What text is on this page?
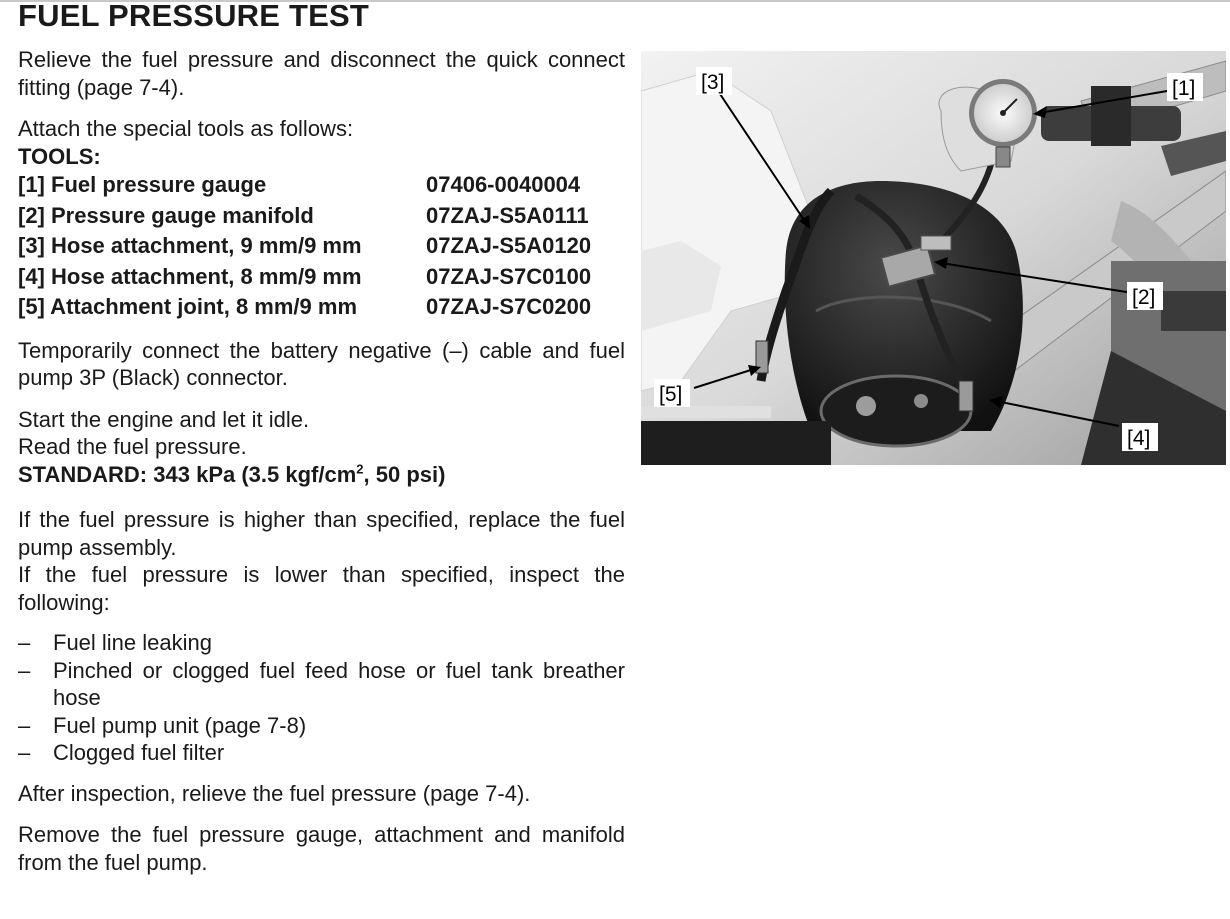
FUEL PRESSURE TEST

Relieve the fuel pressure and disconnect the quick connect fitting (page 7-4).

Attach the special tools as follows:

TOOLS:

[1] Fuel pressure gauge	07406-0040004
[2] Pressure gauge manifold	07ZAJ-S5A0111
[3] Hose attachment, 9 mm/9 mm	07ZAJ-S5A0120
[4] Hose attachment, 8 mm/9 mm	07ZAJ-S7C0100
[5] Attachment joint, 8 mm/9 mm	07ZAJ-S7C0200

Temporarily connect the battery negative (–) cable and fuel pump 3P (Black) connector.

Start the engine and let it idle.

Read the fuel pressure.

STANDARD: 343 kPa (3.5 kgf/$cm^2$, 50 psi)

If the fuel pressure is higher than specified, replace the fuel pump assembly.

If the fuel pressure is lower than specified, inspect the following:

–	Fuel line leaking
–	Pinched or clogged fuel feed hose or fuel tank breather hose
–	Fuel pump unit (page 7-8)
–	Clogged fuel filter

After inspection, relieve the fuel pressure (page 7-4).

Remove the fuel pressure gauge, attachment and manifold from the fuel pump.

[1]
[2]
[3]
[4]
[5]
